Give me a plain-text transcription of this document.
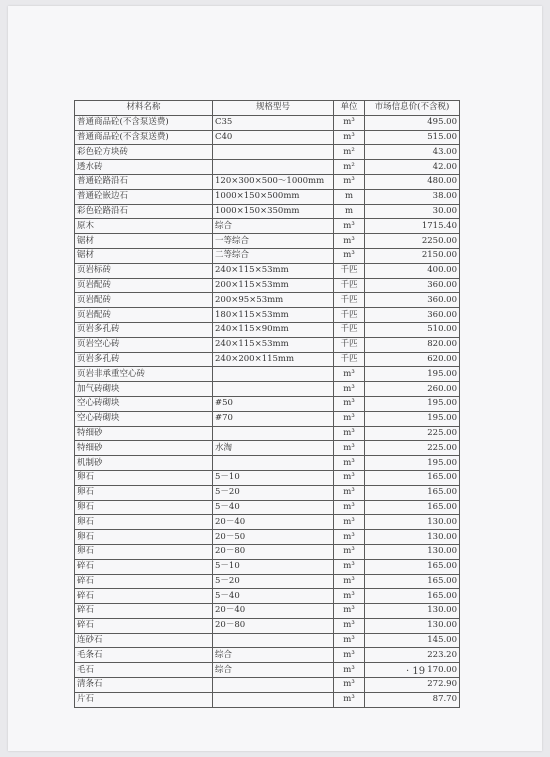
材料名称	规格型号	单位	市场信息价(不含税)
普通商品砼(不含泵送费)	C35	m³	495.00
普通商品砼(不含泵送费)	C40	m³	515.00
彩色砼方块砖		m²	43.00
透水砖		m²	42.00
普通砼路沿石	120×300×500～1000mm	m³	480.00
普通砼嵌边石	1000×150×500mm	m	38.00
彩色砼路沿石	1000×150×350mm	m	30.00
原木	综合	m³	1715.40
锯材	一等综合	m³	2250.00
锯材	二等综合	m³	2150.00
页岩标砖	240×115×53mm	千匹	400.00
页岩配砖	200×115×53mm	千匹	360.00
页岩配砖	200×95×53mm	千匹	360.00
页岩配砖	180×115×53mm	千匹	360.00
页岩多孔砖	240×115×90mm	千匹	510.00
页岩空心砖	240×115×53mm	千匹	820.00
页岩多孔砖	240×200×115mm	千匹	620.00
页岩非承重空心砖		m³	195.00
加气砖砌块		m³	260.00
空心砖砌块	#50	m³	195.00
空心砖砌块	#70	m³	195.00
特细砂		m³	225.00
特细砂	水淘	m³	225.00
机制砂		m³	195.00
卵石	5－10	m³	165.00
卵石	5－20	m³	165.00
卵石	5－40	m³	165.00
卵石	20－40	m³	130.00
卵石	20－50	m³	130.00
卵石	20－80	m³	130.00
碎石	5－10	m³	165.00
碎石	5－20	m³	165.00
碎石	5－40	m³	165.00
碎石	20－40	m³	130.00
碎石	20－80	m³	130.00
连砂石		m³	145.00
毛条石	综合	m³	223.20
毛石	综合	m³	170.00
清条石		m³	272.90
片石		m³	87.70
· 19 ·
